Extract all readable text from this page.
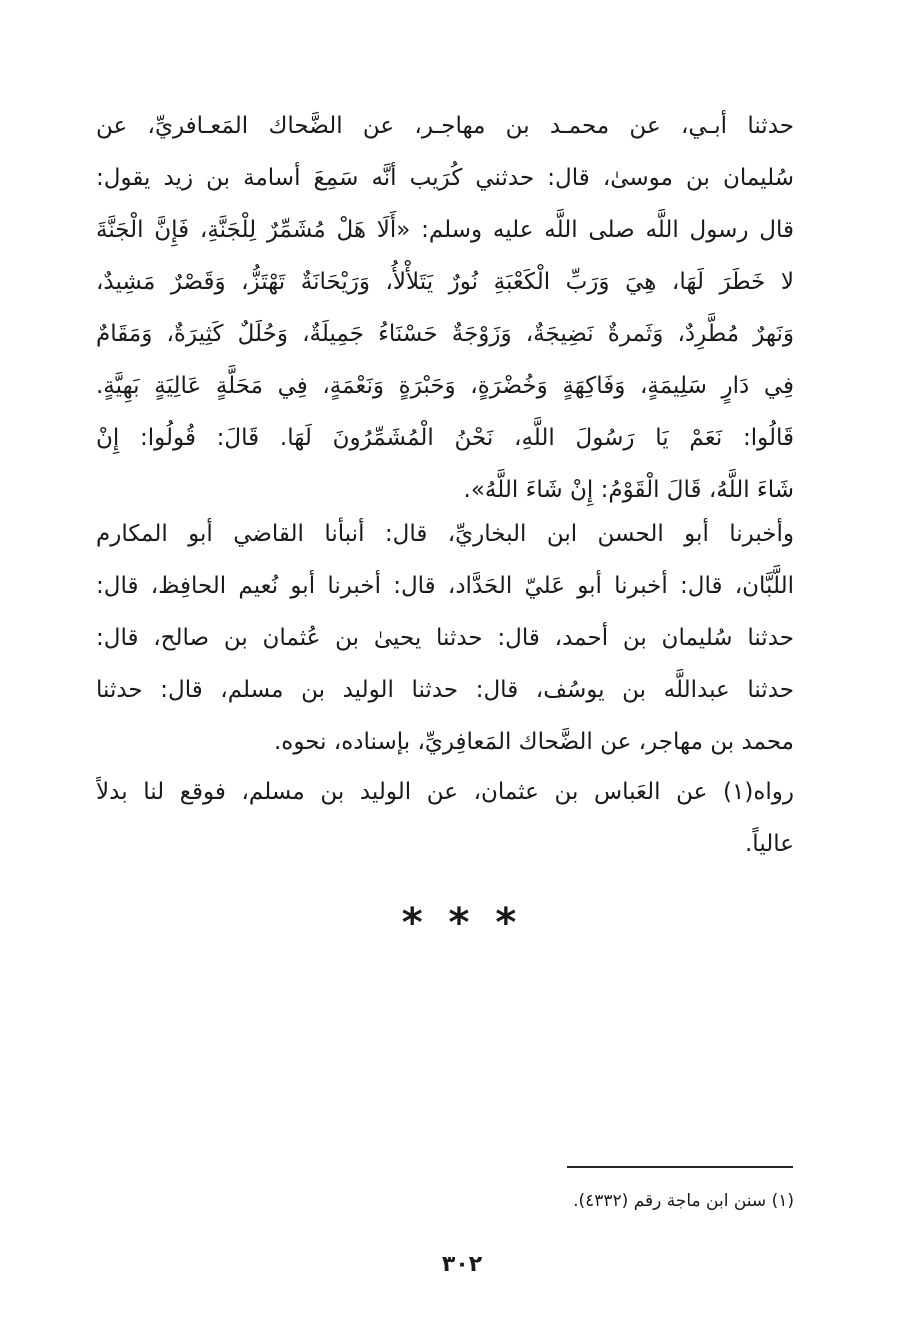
حدثنا أبـي، عن محمـد بن مهاجـر، عن الضَّحاك المَعـافريِّ، عن
سُليمان بن موسىٰ، قال: حدثني كُرَيب أنَّه سَمِعَ أسامة بن زيد يقول:
قال رسول اللَّه صلى اللَّه عليه وسلم: «أَلَا هَلْ مُشَمِّرٌ لِلْجَنَّةِ، فَإِنَّ الْجَنَّةَ
لا خَطَرَ لَهَا، هِيَ وَرَبِّ الْكَعْبَةِ نُورٌ يَتَلأْلأُ، وَرَيْحَانَةٌ تَهْتَزُّ، وَقَصْرٌ مَشِيدٌ،
وَنَهرٌ مُطَّرِدٌ، وَثَمرةٌ نَضِيجَةٌ، وَزَوْجَةٌ حَسْنَاءُ جَمِيلَةٌ، وَحُلَلٌ كَثِيرَةٌ، وَمَقَامٌ
فِي دَارٍ سَلِيمَةٍ، وَفَاكِهَةٍ وَخُضْرَةٍ، وَحَبْرَةٍ وَنَعْمَةٍ، فِي مَحَلَّةٍ عَالِيَةٍ بَهِيَّةٍ.
قَالُوا: نَعَمْ يَا رَسُولَ اللَّهِ، نَحْنُ الْمُشَمِّرُونَ لَهَا. قَالَ: قُولُوا: إِنْ
شَاءَ اللَّهُ، قَالَ الْقَوْمُ: إِنْ شَاءَ اللَّهُ».
وأخبرنا أبو الحسن ابن البخاريِّ، قال: أنبأنا القاضي أبو المكارم
اللَّبَّان، قال: أخبرنا أبو عَليّ الحَدَّاد، قال: أخبرنا أبو نُعيم الحافِظ، قال:
حدثنا سُليمان بن أحمد، قال: حدثنا يحيىٰ بن عُثمان بن صالح، قال:
حدثنا عبداللَّه بن يوسُف، قال: حدثنا الوليد بن مسلم، قال: حدثنا
محمد بن مهاجر، عن الضَّحاك المَعافِريِّ، بإسناده، نحوه.
رواه(١) عن العَباس بن عثمان، عن الوليد بن مسلم، فوقع لنا بدلاً
عالياً.
* * *
(١) سنن ابن ماجة رقم (٤٣٣٢).
٣٠٢
